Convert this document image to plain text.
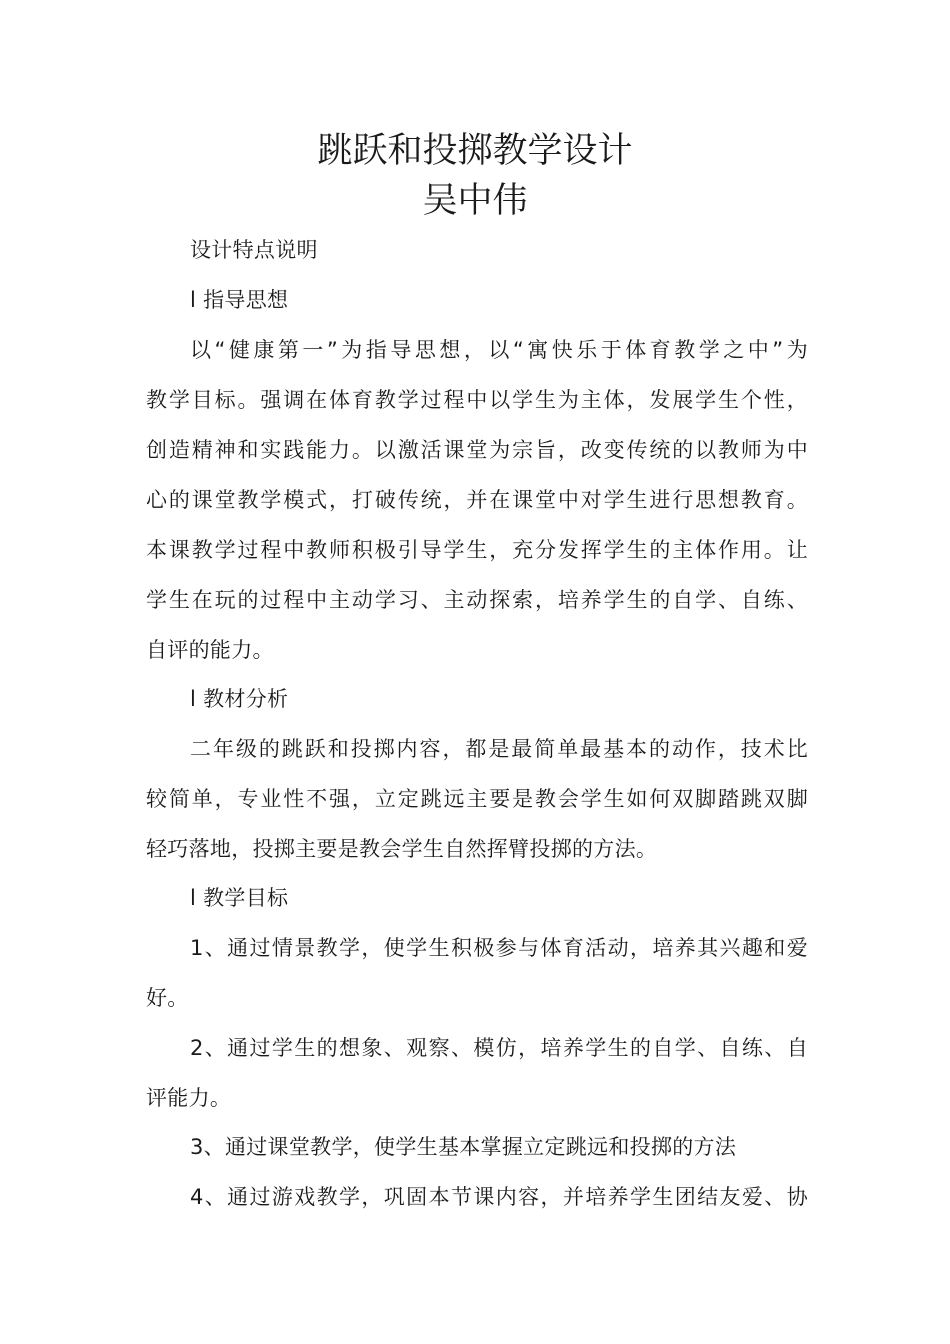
跳跃和投掷教学设计
吴中伟
设计特点说明
l 指导思想
以“健康第一”为指导思想，以“寓快乐于体育教学之中”为
教学目标。强调在体育教学过程中以学生为主体，发展学生个性，
创造精神和实践能力。以激活课堂为宗旨，改变传统的以教师为中
心的课堂教学模式，打破传统，并在课堂中对学生进行思想教育。
本课教学过程中教师积极引导学生，充分发挥学生的主体作用。让
学生在玩的过程中主动学习、主动探索，培养学生的自学、自练、
自评的能力。
l 教材分析
二年级的跳跃和投掷内容，都是最简单最基本的动作，技术比
较简单，专业性不强，立定跳远主要是教会学生如何双脚踏跳双脚
轻巧落地，投掷主要是教会学生自然挥臂投掷的方法。
l 教学目标
1、通过情景教学，使学生积极参与体育活动，培养其兴趣和爱
好。
2、通过学生的想象、观察、模仿，培养学生的自学、自练、自
评能力。
3、通过课堂教学，使学生基本掌握立定跳远和投掷的方法
4、通过游戏教学，巩固本节课内容，并培养学生团结友爱、协
